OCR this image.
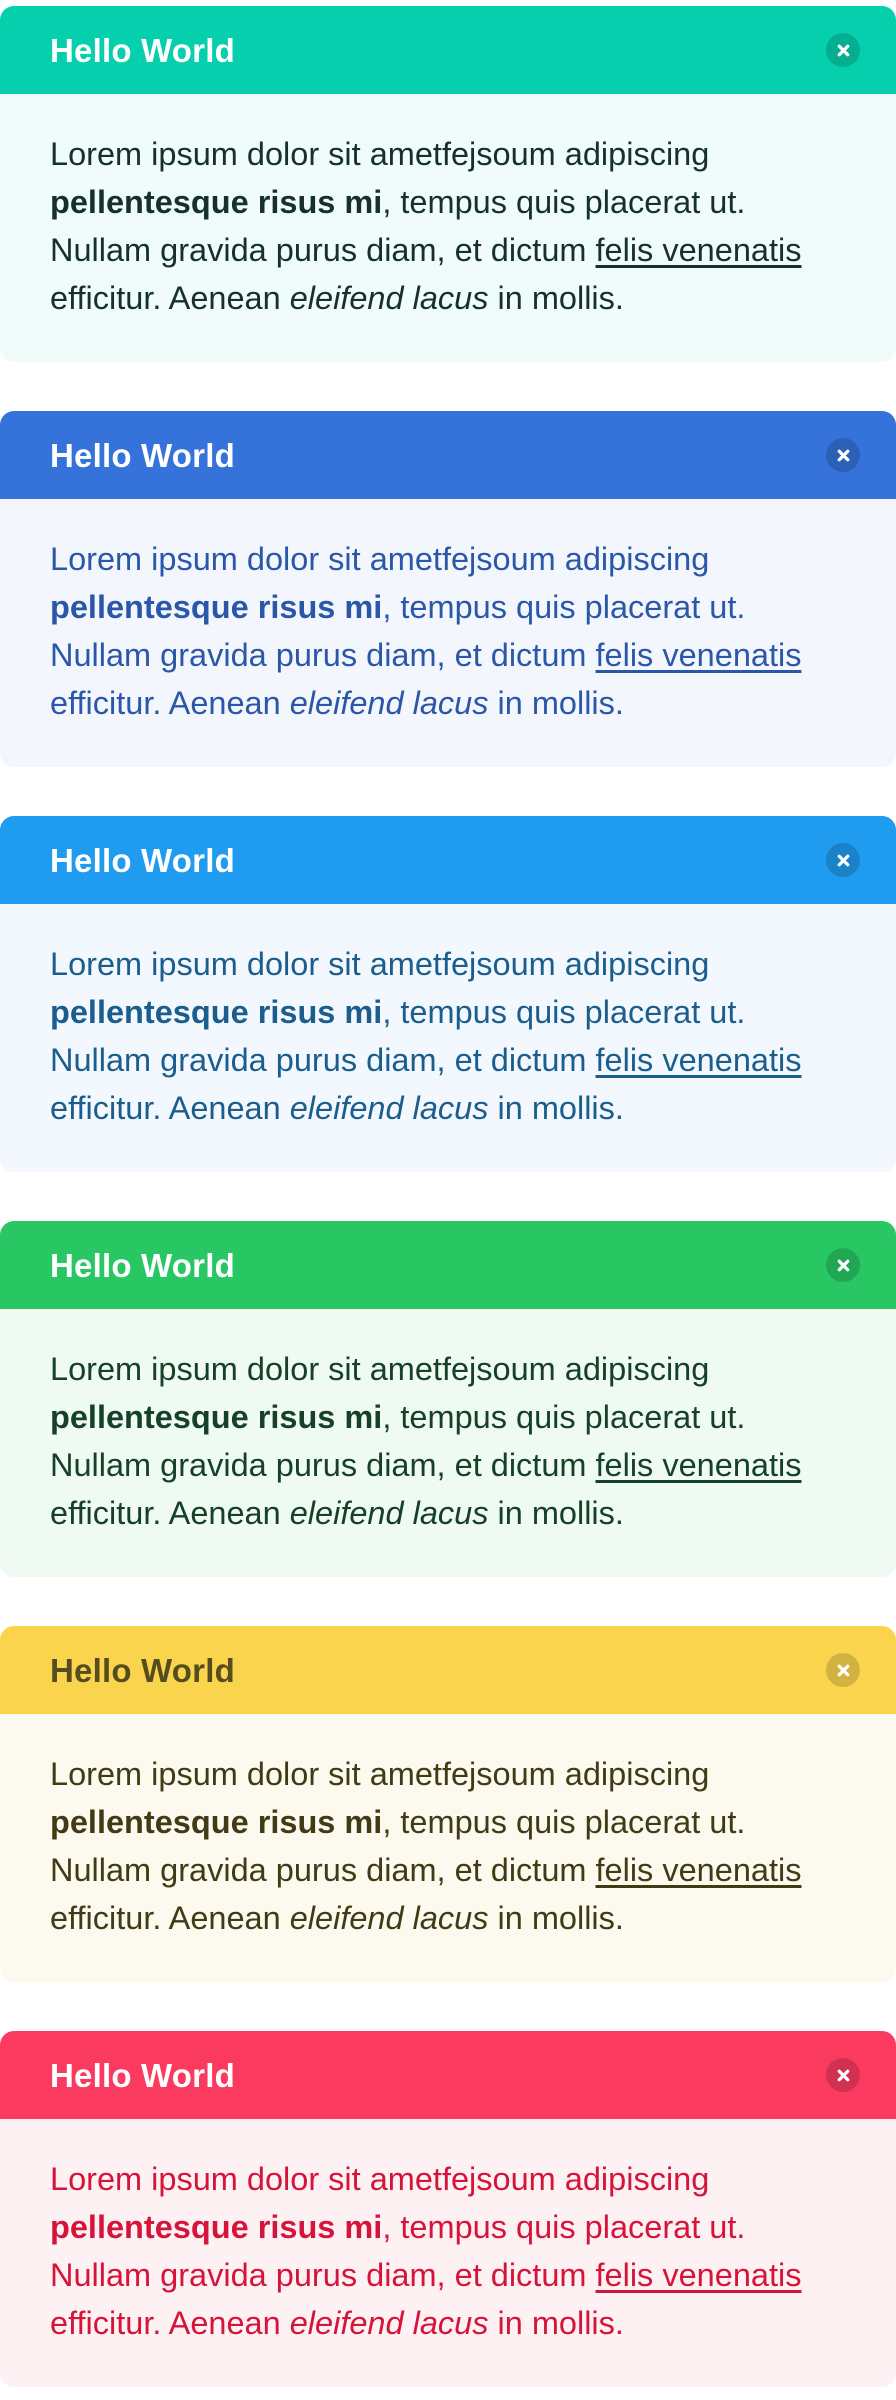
Hello World

Lorem ipsum dolor sit ametfejsoum adipiscing
pellentesque risus mi, tempus quis placerat ut.
Nullam gravida purus diam, et dictum felis venenatis
efficitur. Aenean eleifend lacus in mollis.

Hello World

Lorem ipsum dolor sit ametfejsoum adipiscing
pellentesque risus mi, tempus quis placerat ut.
Nullam gravida purus diam, et dictum felis venenatis
efficitur. Aenean eleifend lacus in mollis.

Hello World

Lorem ipsum dolor sit ametfejsoum adipiscing
pellentesque risus mi, tempus quis placerat ut.
Nullam gravida purus diam, et dictum felis venenatis
efficitur. Aenean eleifend lacus in mollis.

Hello World

Lorem ipsum dolor sit ametfejsoum adipiscing
pellentesque risus mi, tempus quis placerat ut.
Nullam gravida purus diam, et dictum felis venenatis
efficitur. Aenean eleifend lacus in mollis.

Hello World

Lorem ipsum dolor sit ametfejsoum adipiscing
pellentesque risus mi, tempus quis placerat ut.
Nullam gravida purus diam, et dictum felis venenatis
efficitur. Aenean eleifend lacus in mollis.

Hello World

Lorem ipsum dolor sit ametfejsoum adipiscing
pellentesque risus mi, tempus quis placerat ut.
Nullam gravida purus diam, et dictum felis venenatis
efficitur. Aenean eleifend lacus in mollis.
